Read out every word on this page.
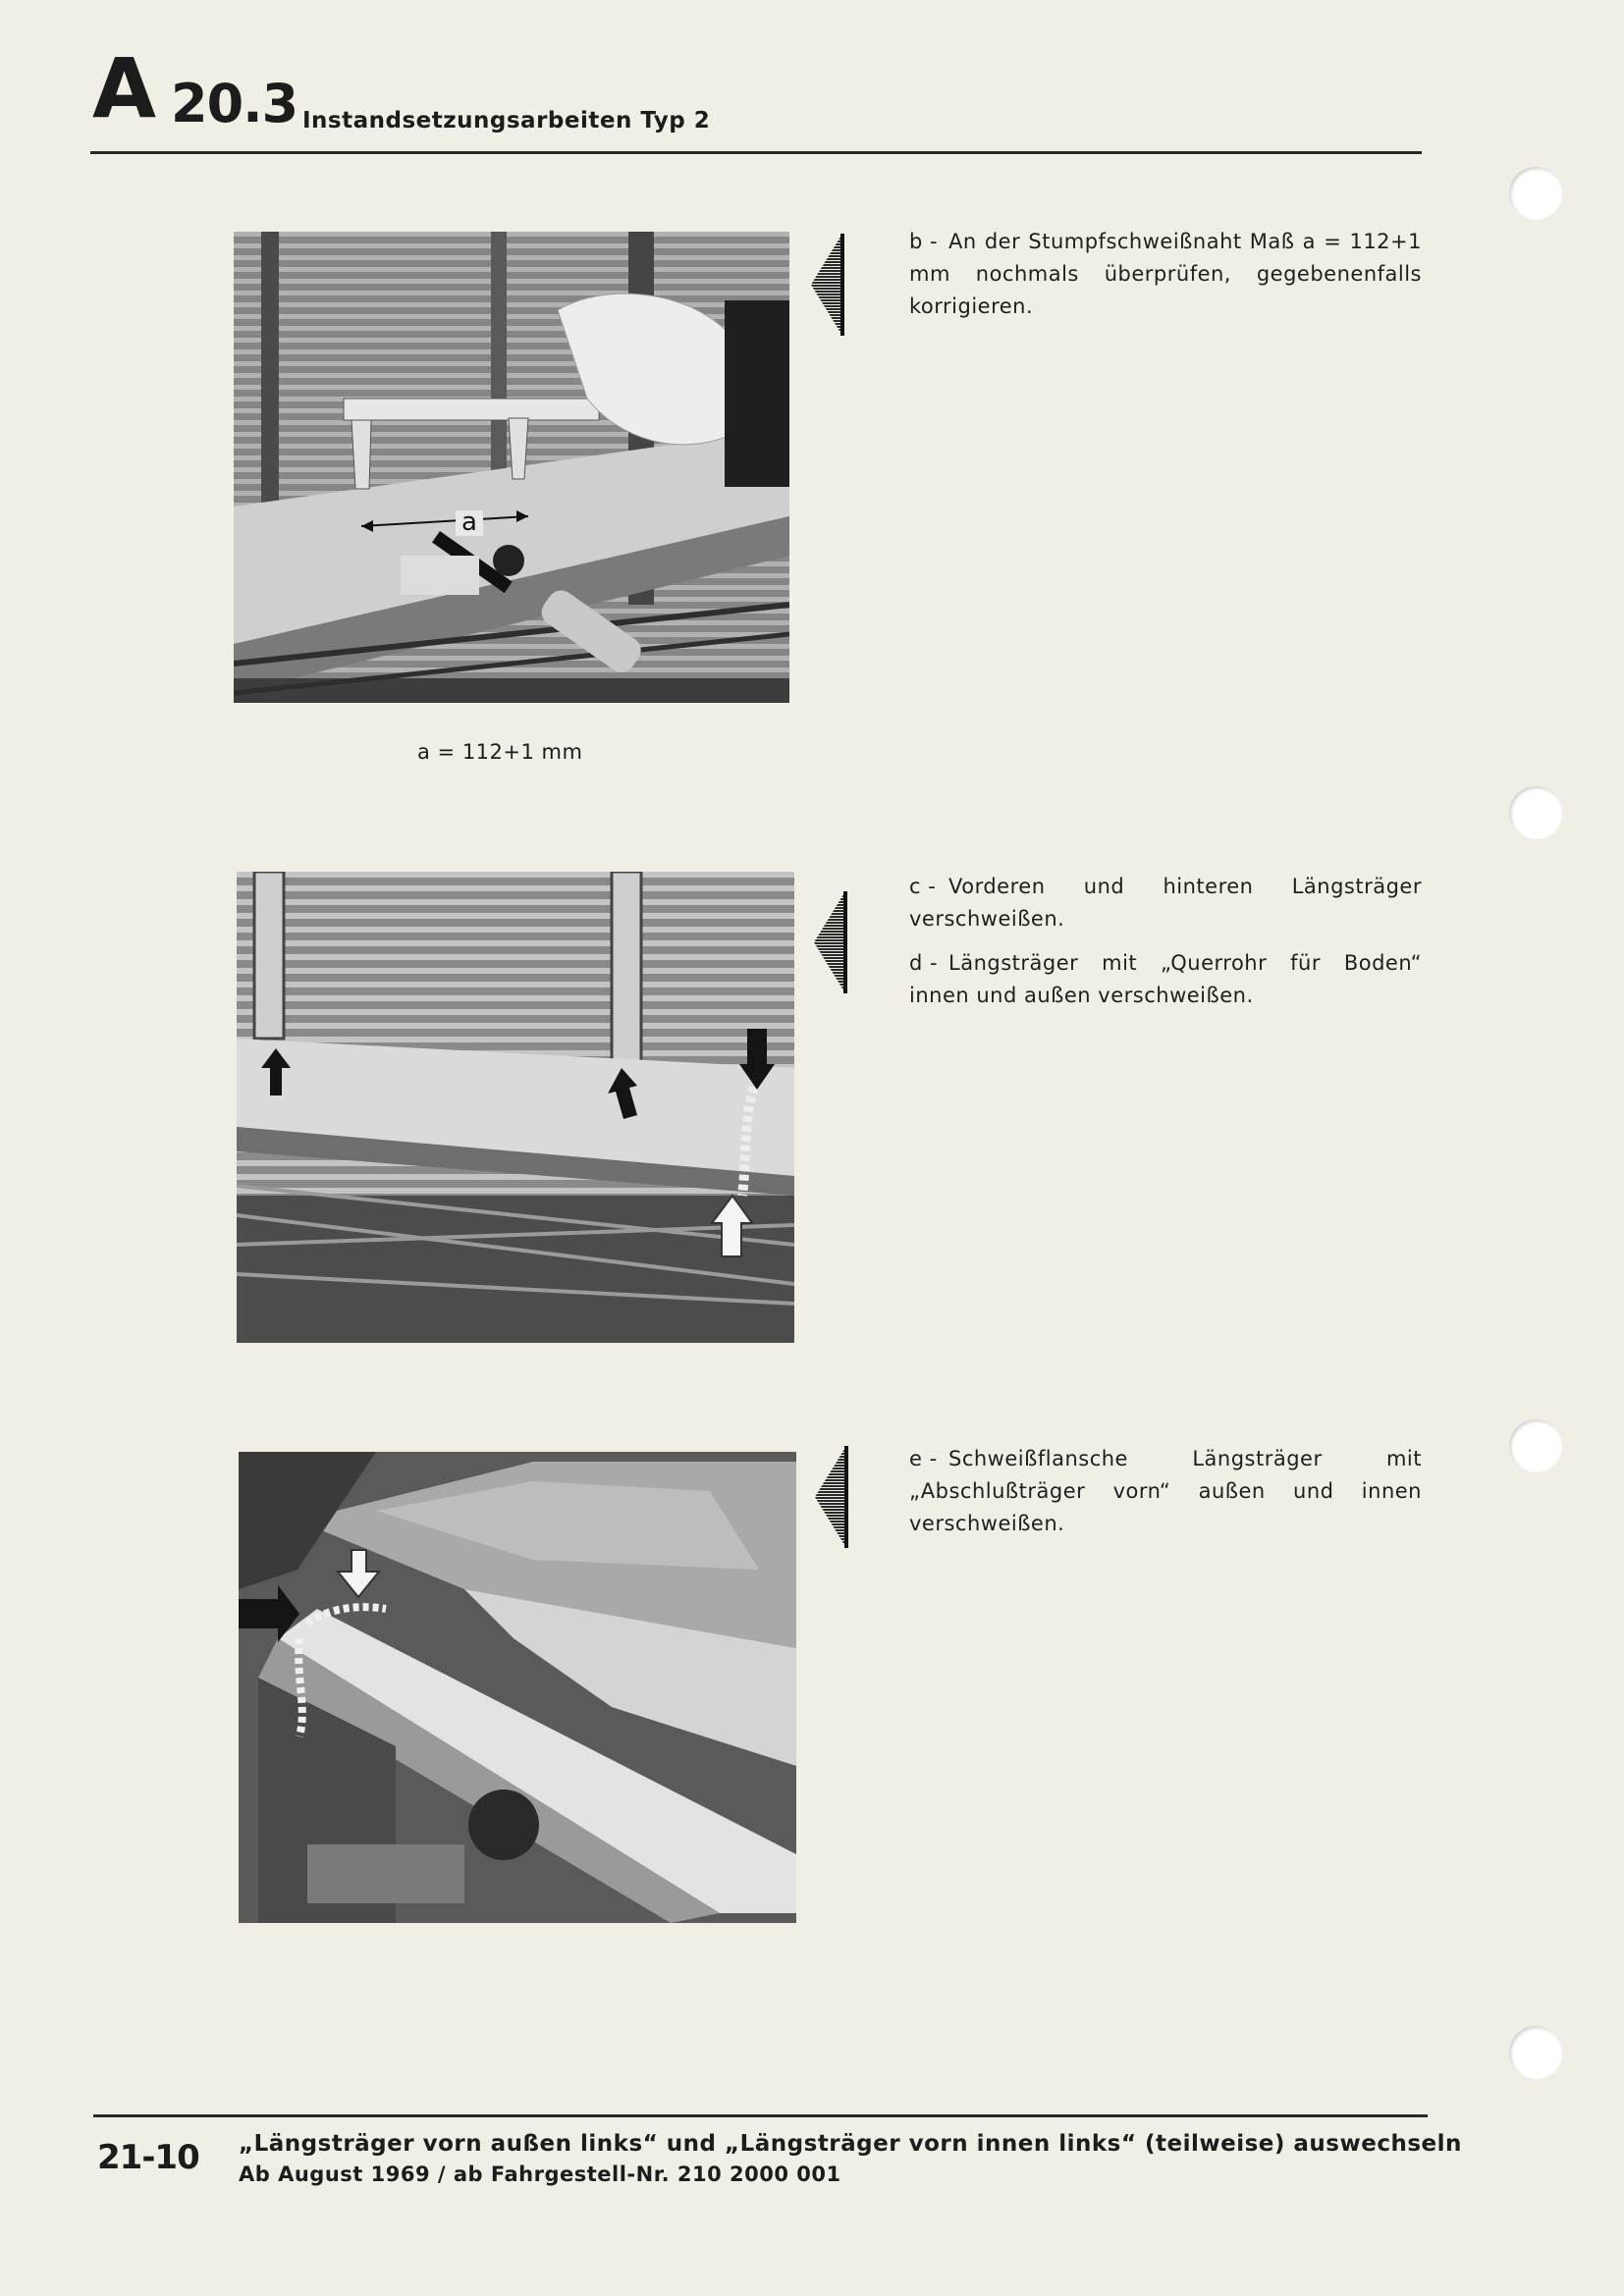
A 20.3 Instandsetzungsarbeiten Typ 2
a
a = 112+1 mm
b - An der Stumpfschweißnaht Maß a = 112+1 mm nochmals überprüfen, gegebenenfalls korrigieren.

c - Vorderen und hinteren Längsträger verschweißen.

d - Längsträger mit „Querrohr für Boden“ innen und außen verschweißen.

e - Schweißflansche Längsträger mit „Abschlußträger vorn“ außen und innen verschweißen.
21-10 „Längsträger vorn außen links“ und „Längsträger vorn innen links“ (teilweise) auswechseln
Ab August 1969 / ab Fahrgestell-Nr. 210 2000 001
